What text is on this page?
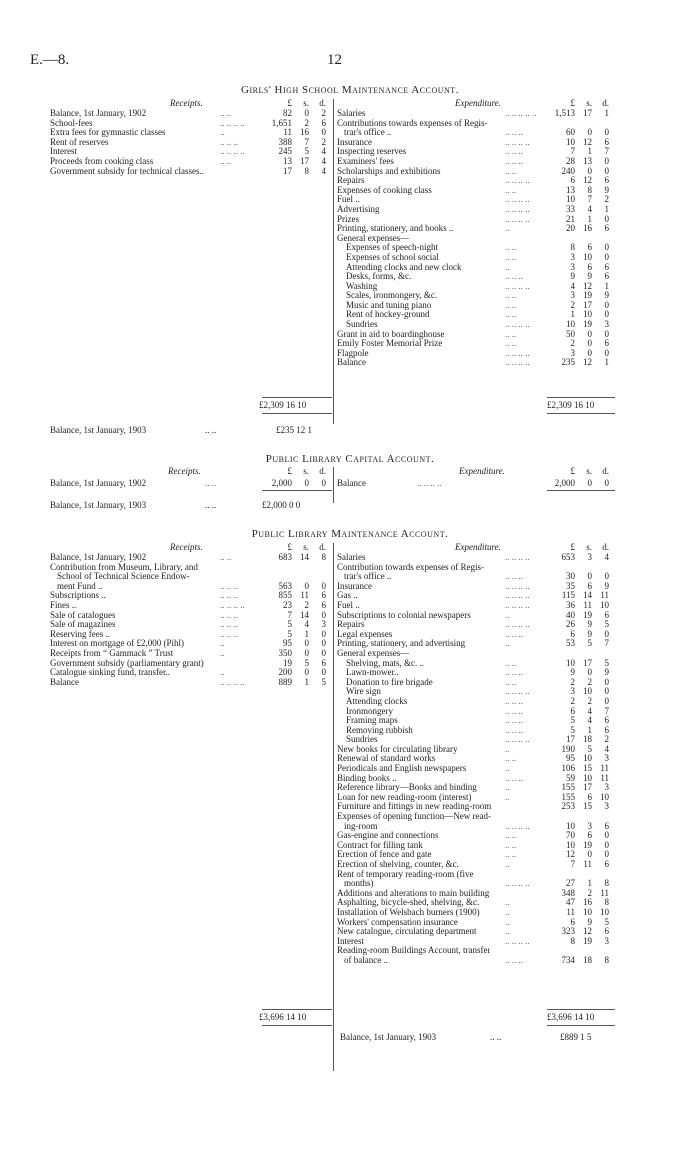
E.—8.	12
Girls' High School Maintenance Account.
Receipts.	£	s.	d.
Balance, 1st January, 1902	.. ..	82	0	2
School-fees	.. .. .. ..	1,651	2	6
Extra fees for gymnastic classes	..	11 16	0
Rent of reserves	.. .. ..	388	7	2
Interest	.. .. .. ..	245	5	4
Proceeds from cooking class	.. ..	13 17	4
Government subsidy for technical classes..	17	8	4
Expenditure.	£	s.	d.
Salaries	.. .. .. .. ..	1,513 17	1
Contributions towards expenses of Regis-
trar's office ..	.. .. ..	60	0	0
Insurance	.. .. .. ..	10 12	6
Inspecting reserves	.. .. ..	7	1	7
Examiners' fees	.. .. ..	28 13	0
Scholarships and exhibitions	.. ..	240	0	0
Repairs	.. .. .. ..	6 12	6
Expenses of cooking class	.. ..	13	8	9
Fuel ..	.. .. .. ..	10	7	2
Advertising	.. .. .. ..	33	4	1
Prizes	.. .. .. ..	21	1	0
Printing, stationery, and books ..	..	20 16	6
General expenses—
Expenses of speech-night	.. ..	8	6	0
Expenses of school social	.. ..	3 10	0
Attending clocks and new clock	..	3	6	6
Desks, forms, &c.	.. .. ..	9	9	6
Washing	.. .. .. ..	4 12	1
Scales, ironmongery, &c.	.. ..	3 19	9
Music and tuning piano	.. ..	2 17	0
Rent of hockey-ground	.. ..	1 10	0
Sundries	.. .. .. ..	10 19	3
Grant in aid to boardinghouse	.. ..	50	0	0
Emily Foster Memorial Prize	.. ..	2	0	6
Flagpole	.. .. .. ..	3	0	0
Balance	.. .. .. ..	235 12	1
£2,309 16 10	£2,309 16 10
Balance, 1st January, 1903	.. ..	£235 12 1
Public Library Capital Account.
Receipts.	£	s.	d.	Expenditure.	£	s.	d.
Balance, 1st January, 1902	.. ..	2,000	0	0 Balance	.. .. .. ..	2,000	0	0
Balance, 1st January, 1903	.. ..	£2,000 0 0
Public Library Maintenance Account.
Receipts.	£	s.	d.
Balance, 1st January, 1902	.. ..	683 14	8
Contribution from Museum, Library, and
School of Technical Science Endow-
ment Fund ..	.. .. ..	563	0	0
Subscriptions ..	.. .. ..	855 11	6
Fines ..	.. .. .. ..	23	2	6
Sale of catalogues	.. .. ..	7 14	0
Sale of magazines	.. .. ..	5	4	3
Reserving fees ..	.. .. ..	5	1	0
Interest on mortgage of £2,000 (Pihl)	..	95	0	0
Receipts from “ Gammack ” Trust	..	350	0	0
Government subsidy (parliamentary grant)	19	5	6
Catalogue sinking fund, transfer..	..	200	0	0
Balance	.. .. .. ..	889	1	5
Expenditure.	£	s.	d.
Salaries	.. .. .. ..	653	3	4
Contribution towards expenses of Regis-
trar's office ..	.. .. ..	30	0	0
Insurance	.. .. .. ..	35	6	9
Gas ..	.. .. .. ..	115 14 11
Fuel ..	.. .. .. ..	36 11 10
Subscriptions to colonial newspapers	..	40 19	6
Repairs	.. .. .. ..	26	9	5
Legal expenses	.. .. ..	6	9	0
Printing, stationery, and advertising	..	53	5	7
General expenses—
Shelving, mats, &c. ..	.. ..	10 17	5
Lawn-mower..	.. .. ..	9	0	9
Donation to fire brigade	.. ..	2	2	0
Wire sign	.. .. .. ..	3 10	0
Attending clocks	.. .. ..	2	2	0
Ironmongery	.. .. ..	6	4	7
Framing maps	.. .. ..	5	4	6
Removing rubbish	.. .. ..	5	1	6
Sundries	.. .. .. ..	17 18	2
New books for circulating library	..	190	5	4
Renewal of standard works	.. ..	95 10	3
Periodicals and English newspapers	..	106 15 11
Binding books ..	.. .. ..	59 10 11
Reference library—Books and binding	..	155 17	3
Loan for new reading-room (interest)	..	155	6 10
Furniture and fittings in new reading-room	253 15	3
Expenses of opening function—New read-
ing-room	.. .. .. ..	10	3	6
Gas-engine and connections	.. ..	70	6	0
Contract for filling tank	.. ..	10 19	0
Erection of fence and gate	.. ..	12	0	0
Erection of shelving, counter, &c.	..	7 11	6
Rent of temporary reading-room (five
months)	.. .. .. ..	27	1	8
Additions and alterations to main building	348	2 11
Asphalting, bicycle-shed, shelving, &c.	..	47 16	8
Installation of Welsbach burners (1900)	..	11 10 10
Workers' compensation insurance	..	6	9	5
New catalogue, circulating department	..	323 12	6
Interest	.. .. .. ..	8 19	3
Reading-room Buildings Account, transfer
of balance ..	.. .. ..	734 18	8
£3,696 14 10	£3,696 14 10
Balance, 1st January, 1903	.. ..	£889 1 5
